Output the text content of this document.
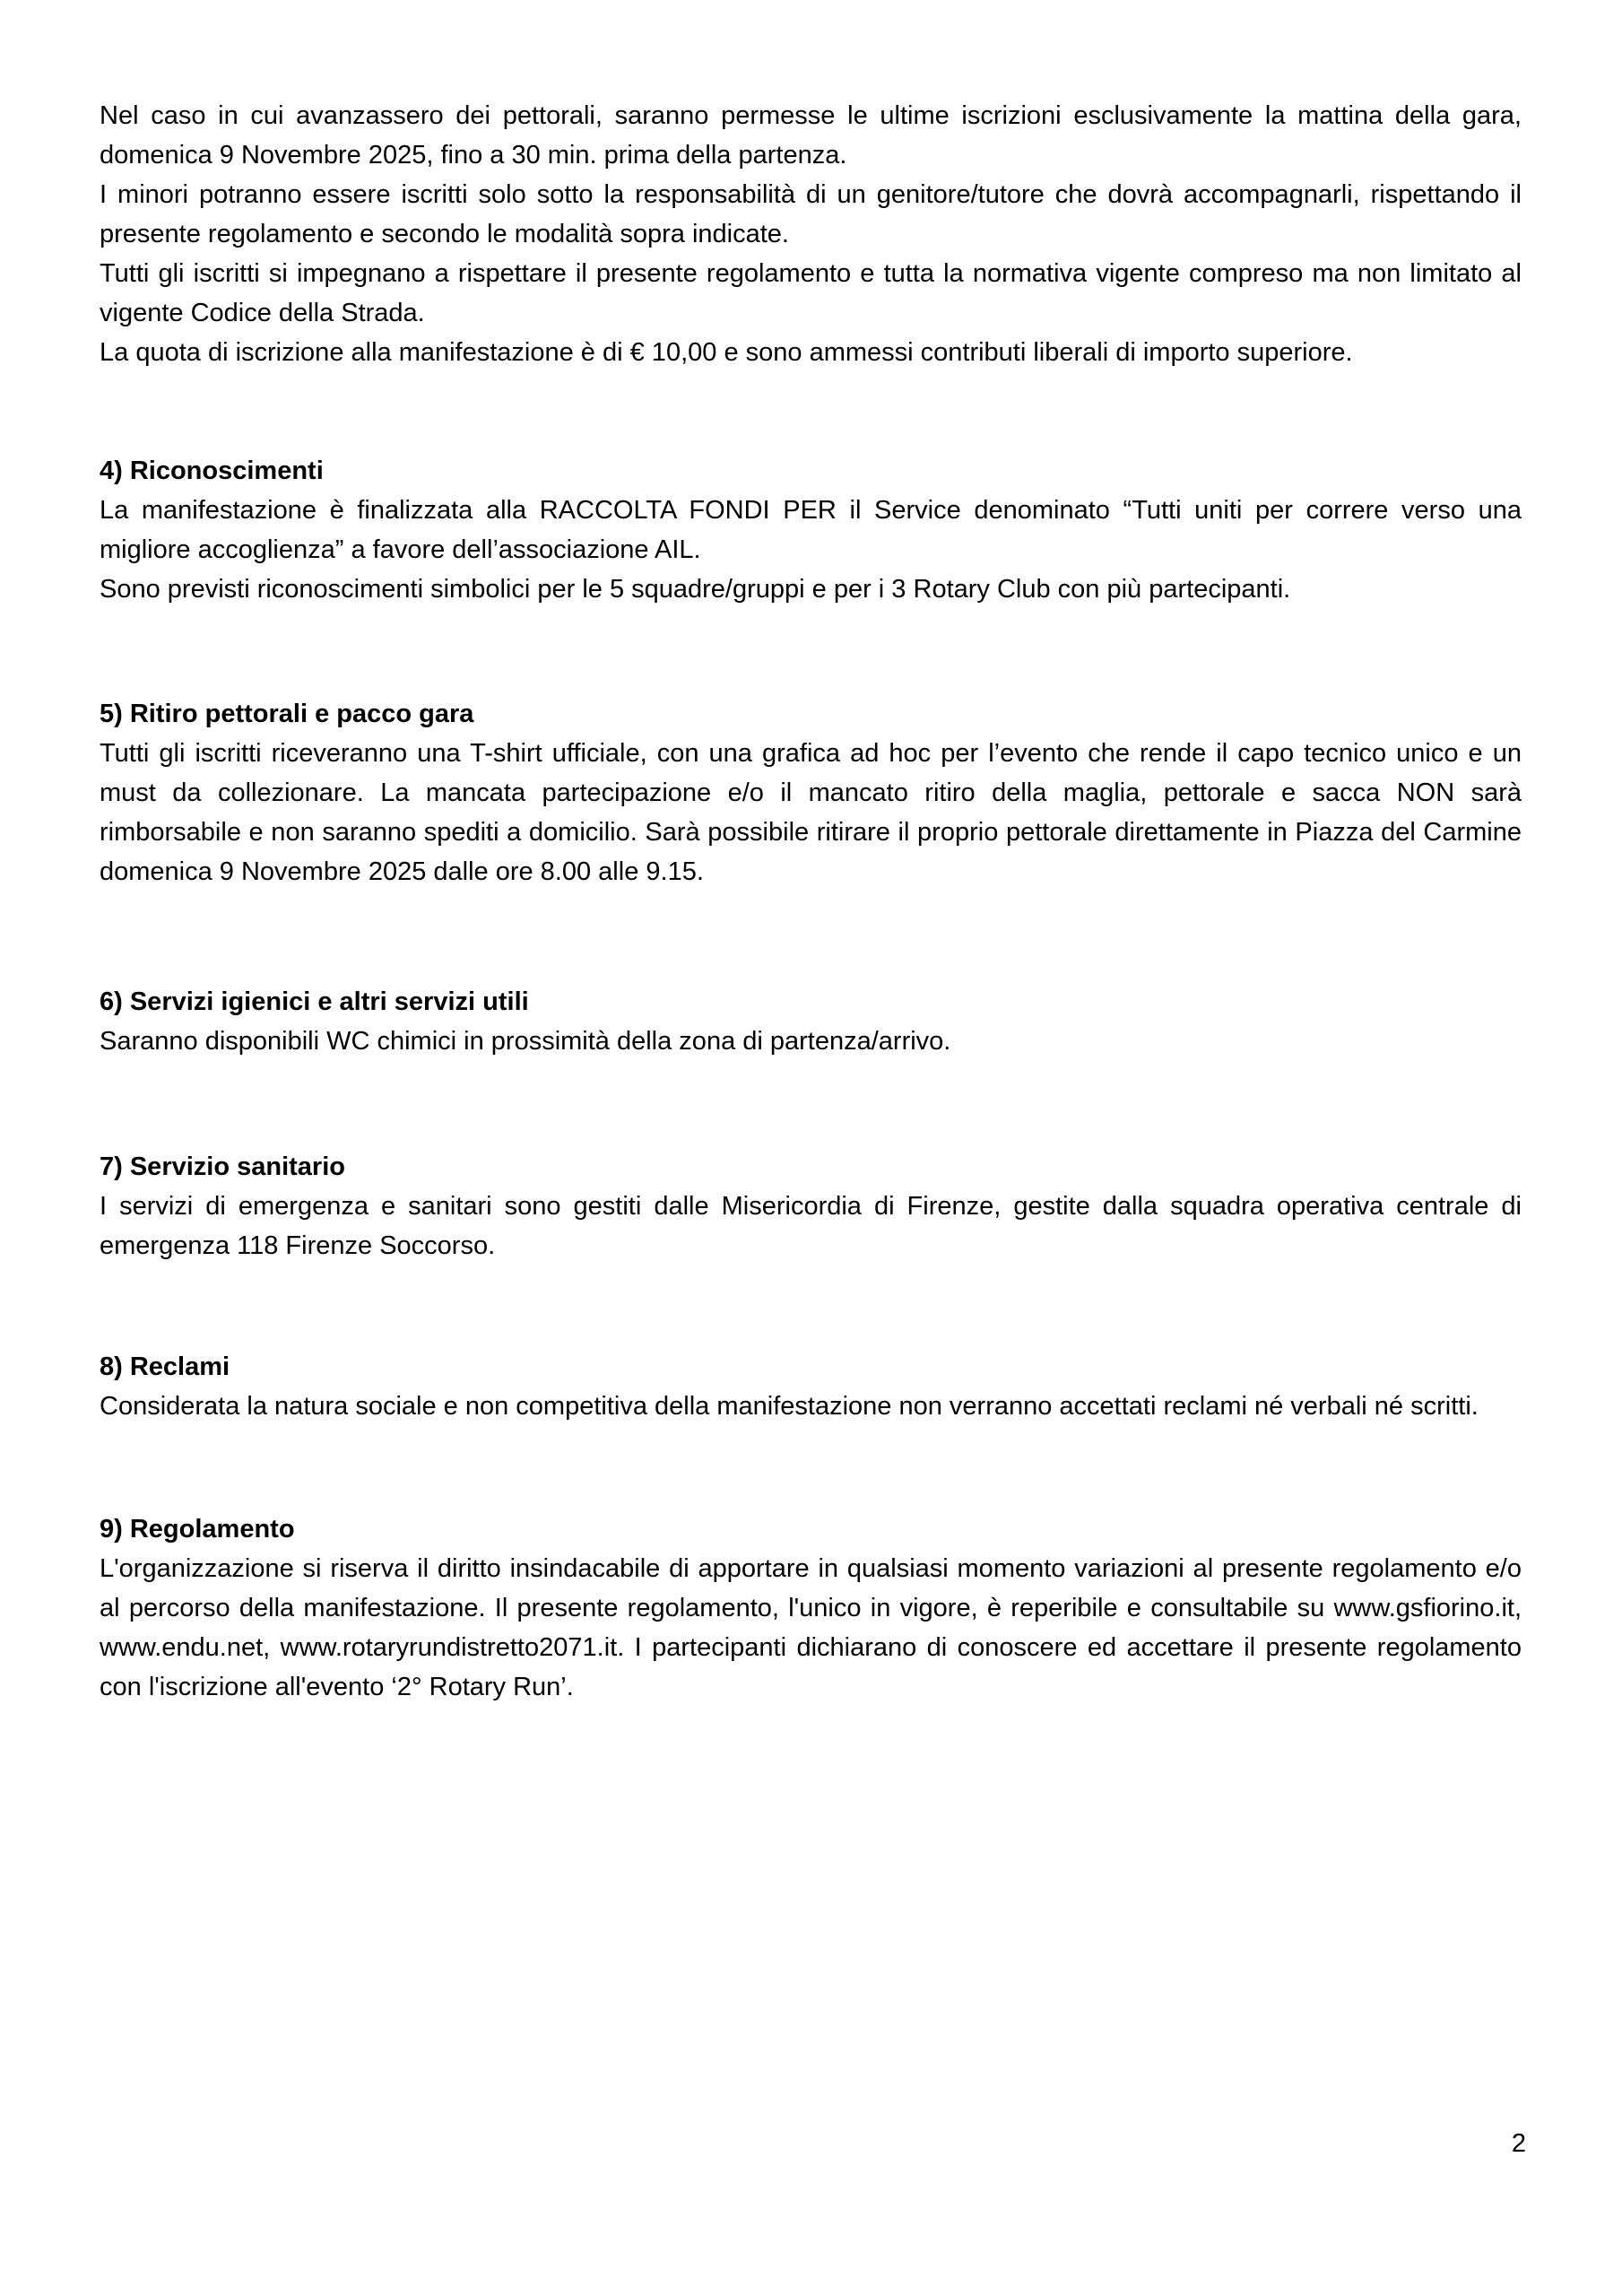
Nel caso in cui avanzassero dei pettorali, saranno permesse le ultime iscrizioni esclusivamente la mattina della gara, domenica 9 Novembre 2025, fino a 30 min. prima della partenza.

I minori potranno essere iscritti solo sotto la responsabilità di un genitore/tutore che dovrà accompagnarli, rispettando il presente regolamento e secondo le modalità sopra indicate.

Tutti gli iscritti si impegnano a rispettare il presente regolamento e tutta la normativa vigente compreso ma non limitato al vigente Codice della Strada.

La quota di iscrizione alla manifestazione è di € 10,00 e sono ammessi contributi liberali di importo superiore.

4) Riconoscimenti

La manifestazione è finalizzata alla RACCOLTA FONDI PER il Service denominato “Tutti uniti per correre verso una migliore accoglienza” a favore dell’associazione AIL.

Sono previsti riconoscimenti simbolici per le 5 squadre/gruppi e per i 3 Rotary Club con più partecipanti.

5) Ritiro pettorali e pacco gara

Tutti gli iscritti riceveranno una T-shirt ufficiale, con una grafica ad hoc per l’evento che rende il capo tecnico unico e un must da collezionare. La mancata partecipazione e/o il mancato ritiro della maglia, pettorale e sacca NON sarà rimborsabile e non saranno spediti a domicilio. Sarà possibile ritirare il proprio pettorale direttamente in Piazza del Carmine domenica 9 Novembre 2025 dalle ore 8.00 alle 9.15.

6) Servizi igienici e altri servizi utili

Saranno disponibili WC chimici in prossimità della zona di partenza/arrivo.

7) Servizio sanitario

I servizi di emergenza e sanitari sono gestiti dalle Misericordia di Firenze, gestite dalla squadra operativa centrale di emergenza 118 Firenze Soccorso.

8) Reclami

Considerata la natura sociale e non competitiva della manifestazione non verranno accettati reclami né verbali né scritti.

9) Regolamento

L'organizzazione si riserva il diritto insindacabile di apportare in qualsiasi momento variazioni al presente regolamento e/o al percorso della manifestazione. Il presente regolamento, l'unico in vigore, è reperibile e consultabile su www.gsfiorino.it, www.endu.net, www.rotaryrundistretto2071.it. I partecipanti dichiarano di conoscere ed accettare il presente regolamento con l'iscrizione all'evento ‘2° Rotary Run’.

2
